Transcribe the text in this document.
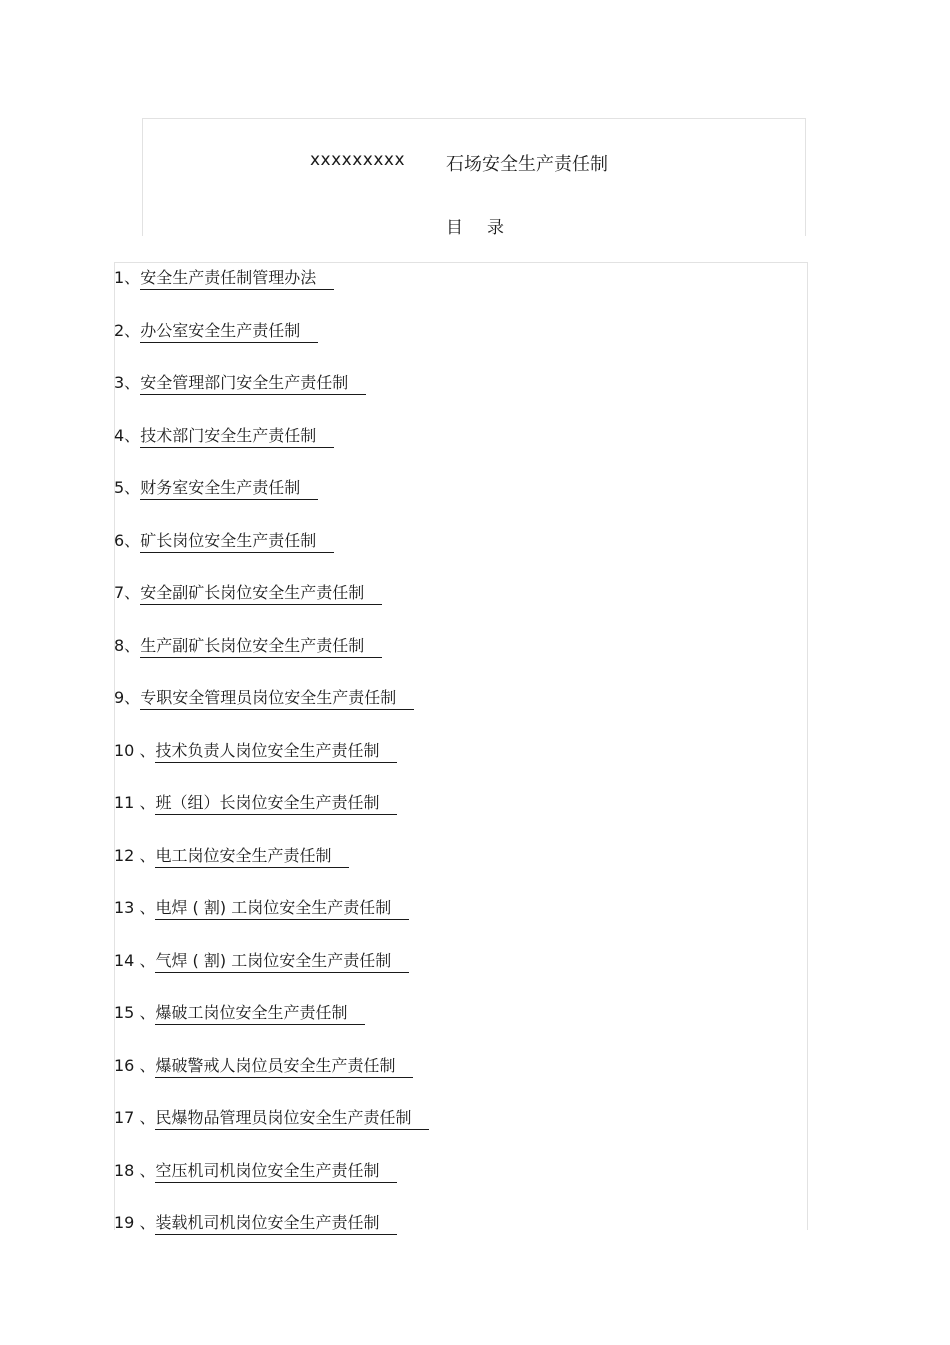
xxxxxxxxx 石场安全生产责任制
目录
1、 安全生产责任制管理办法
2、 办公室安全生产责任制
3、 安全管理部门安全生产责任制
4、 技术部门安全生产责任制
5、 财务室安全生产责任制
6、 矿长岗位安全生产责任制
7、 安全副矿长岗位安全生产责任制
8、 生产副矿长岗位安全生产责任制
9、 专职安全管理员岗位安全生产责任制
10 、 技术负责人岗位安全生产责任制
11 、 班（组）长岗位安全生产责任制
12 、 电工岗位安全生产责任制
13 、 电焊 ( 割) 工岗位安全生产责任制
14 、 气焊 ( 割) 工岗位安全生产责任制
15 、 爆破工岗位安全生产责任制
16 、 爆破警戒人岗位员安全生产责任制
17 、 民爆物品管理员岗位安全生产责任制
18 、 空压机司机岗位安全生产责任制
19 、 装载机司机岗位安全生产责任制
